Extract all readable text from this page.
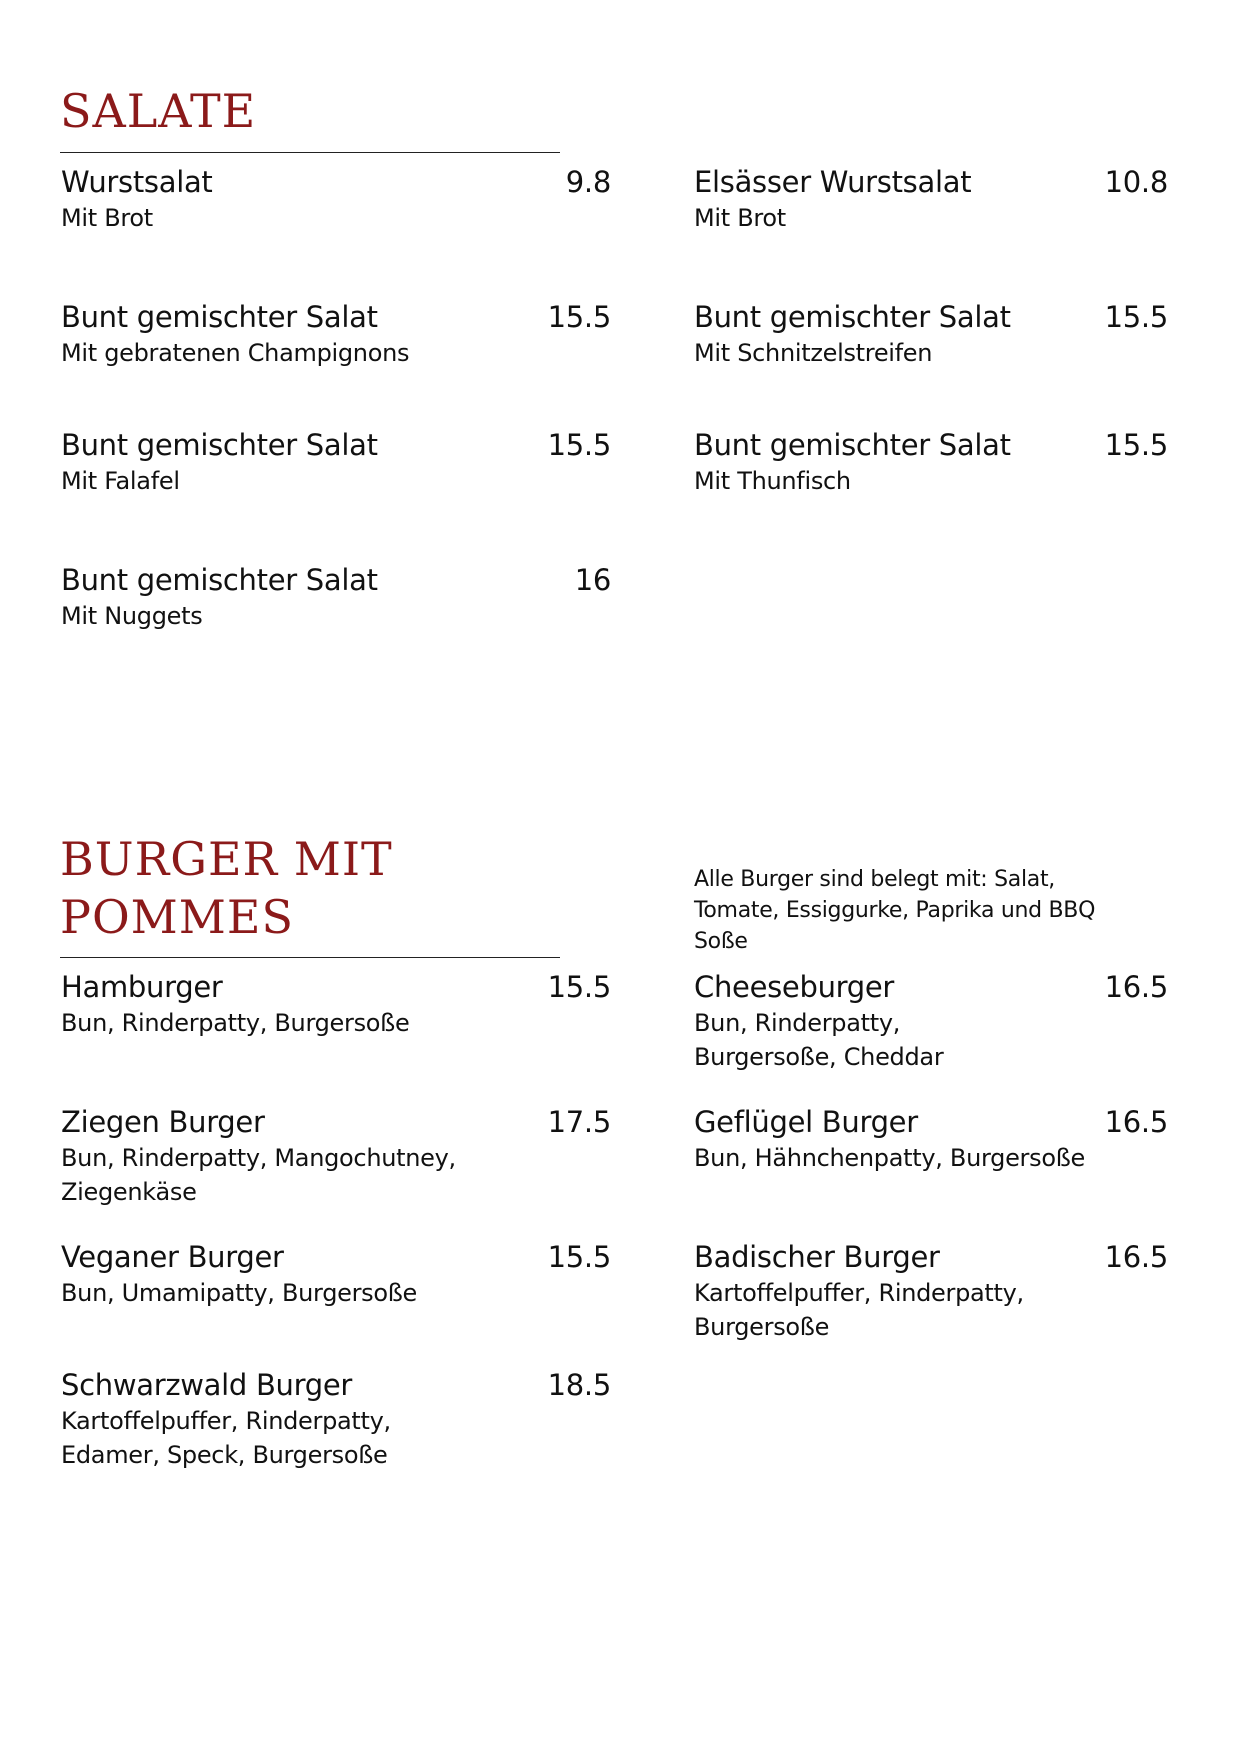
SALATE
Wurstsalat	9.8
Mit Brot
Elsässer Wurstsalat	10.8
Mit Brot
Bunt gemischter Salat	15.5
Mit gebratenen Champignons
Bunt gemischter Salat	15.5
Mit Schnitzelstreifen
Bunt gemischter Salat	15.5
Mit Falafel
Bunt gemischter Salat	15.5
Mit Thunfisch
Bunt gemischter Salat	16
Mit Nuggets
BURGER MIT
POMMES

Alle Burger sind belegt mit: Salat, Tomate, Essiggurke, Paprika und BBQ Soße

Hamburger	15.5
Bun, Rinderpatty, Burgersoße
Cheeseburger	16.5
Bun, Rinderpatty, Burgersoße, Cheddar
Ziegen Burger	17.5
Bun, Rinderpatty, Mangochutney, Ziegenkäse
Geflügel Burger	16.5
Bun, Hähnchenpatty, Burgersoße
Veganer Burger	15.5
Bun, Umamipatty, Burgersoße
Badischer Burger	16.5
Kartoffelpuffer, Rinderpatty, Burgersoße
Schwarzwald Burger	18.5
Kartoffelpuffer, Rinderpatty, Edamer, Speck, Burgersoße
